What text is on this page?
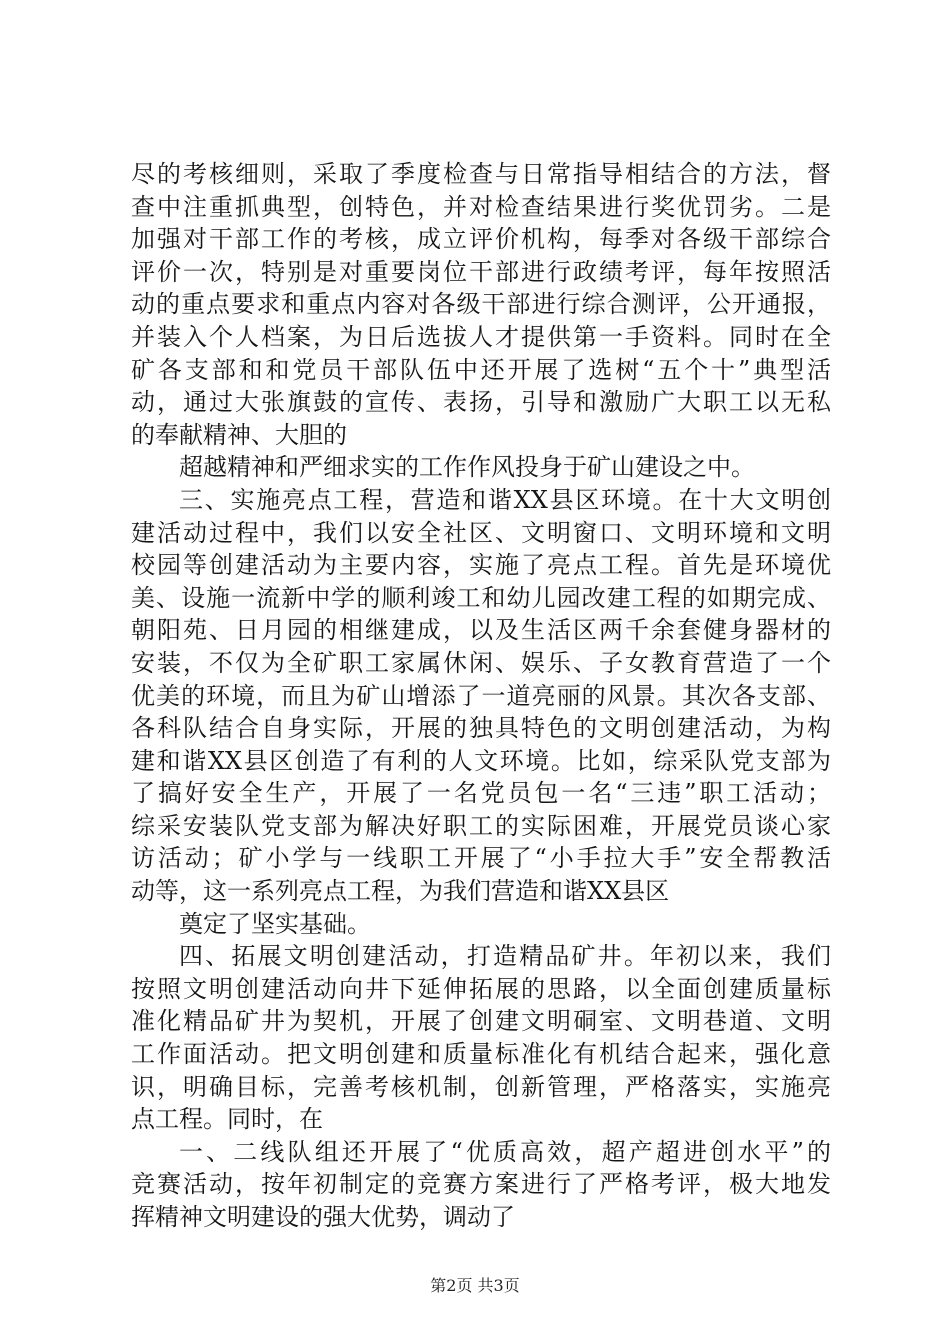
尽的考核细则，采取了季度检查与日常指导相结合的方法，督
查中注重抓典型，创特色，并对检查结果进行奖优罚劣。二是
加强对干部工作的考核，成立评价机构，每季对各级干部综合
评价一次，特别是对重要岗位干部进行政绩考评，每年按照活
动的重点要求和重点内容对各级干部进行综合测评，公开通报，
并装入个人档案，为日后选拔人才提供第一手资料。同时在全
矿各支部和和党员干部队伍中还开展了选树“五个十”典型活
动，通过大张旗鼓的宣传、表扬，引导和激励广大职工以无私
的奉献精神、大胆的
超越精神和严细求实的工作作风投身于矿山建设之中。
三、实施亮点工程，营造和谐XX县区环境。在十大文明创
建活动过程中，我们以安全社区、文明窗口、文明环境和文明
校园等创建活动为主要内容，实施了亮点工程。首先是环境优
美、设施一流新中学的顺利竣工和幼儿园改建工程的如期完成、
朝阳苑、日月园的相继建成，以及生活区两千余套健身器材的
安装，不仅为全矿职工家属休闲、娱乐、子女教育营造了一个
优美的环境，而且为矿山增添了一道亮丽的风景。其次各支部、
各科队结合自身实际，开展的独具特色的文明创建活动，为构
建和谐XX县区创造了有利的人文环境。比如，综采队党支部为
了搞好安全生产，开展了一名党员包一名“三违”职工活动；
综采安装队党支部为解决好职工的实际困难，开展党员谈心家
访活动；矿小学与一线职工开展了“小手拉大手”安全帮教活
动等，这一系列亮点工程，为我们营造和谐XX县区
奠定了坚实基础。
四、拓展文明创建活动，打造精品矿井。年初以来，我们
按照文明创建活动向井下延伸拓展的思路，以全面创建质量标
准化精品矿井为契机，开展了创建文明硐室、文明巷道、文明
工作面活动。把文明创建和质量标准化有机结合起来，强化意
识，明确目标，完善考核机制，创新管理，严格落实，实施亮
点工程。同时，在
一、二线队组还开展了“优质高效，超产超进创水平”的
竞赛活动，按年初制定的竞赛方案进行了严格考评，极大地发
挥精神文明建设的强大优势，调动了
第2页 共3页
